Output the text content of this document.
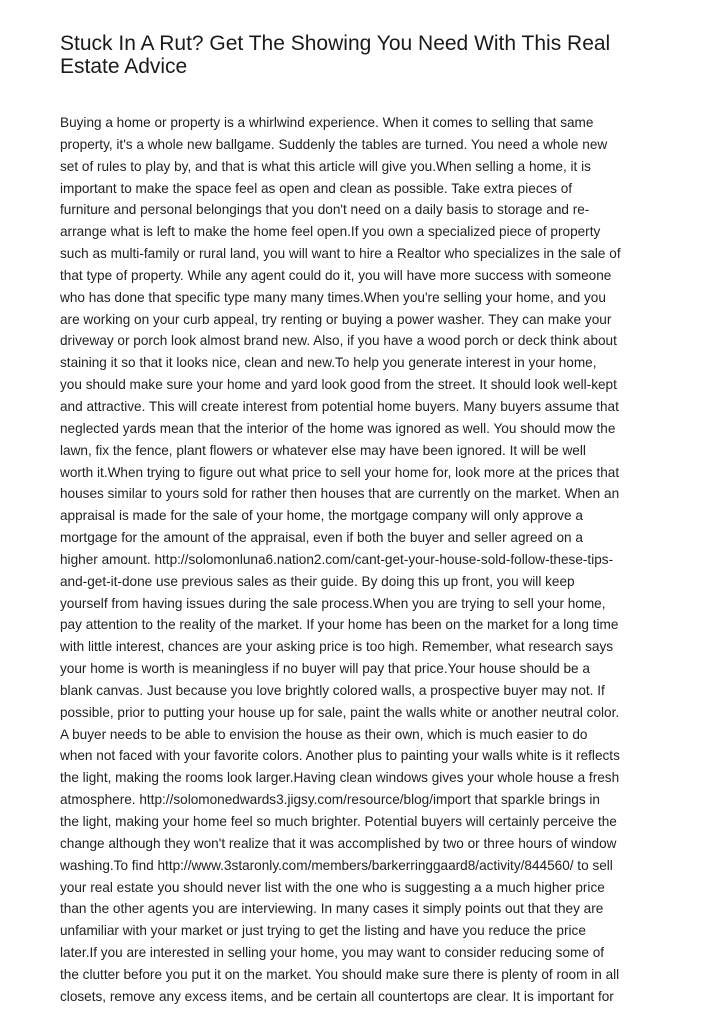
Stuck In A Rut? Get The Showing You Need With This Real
Estate Advice
Buying a home or property is a whirlwind experience. When it comes to selling that same
property, it's a whole new ballgame. Suddenly the tables are turned. You need a whole new
set of rules to play by, and that is what this article will give you.When selling a home, it is
important to make the space feel as open and clean as possible. Take extra pieces of
furniture and personal belongings that you don't need on a daily basis to storage and re-
arrange what is left to make the home feel open.If you own a specialized piece of property
such as multi-family or rural land, you will want to hire a Realtor who specializes in the sale of
that type of property. While any agent could do it, you will have more success with someone
who has done that specific type many many times.When you're selling your home, and you
are working on your curb appeal, try renting or buying a power washer. They can make your
driveway or porch look almost brand new. Also, if you have a wood porch or deck think about
staining it so that it looks nice, clean and new.To help you generate interest in your home,
you should make sure your home and yard look good from the street. It should look well-kept
and attractive. This will create interest from potential home buyers. Many buyers assume that
neglected yards mean that the interior of the home was ignored as well. You should mow the
lawn, fix the fence, plant flowers or whatever else may have been ignored. It will be well
worth it.When trying to figure out what price to sell your home for, look more at the prices that
houses similar to yours sold for rather then houses that are currently on the market. When an
appraisal is made for the sale of your home, the mortgage company will only approve a
mortgage for the amount of the appraisal, even if both the buyer and seller agreed on a
higher amount. http://solomonluna6.nation2.com/cant-get-your-house-sold-follow-these-tips-
and-get-it-done use previous sales as their guide. By doing this up front, you will keep
yourself from having issues during the sale process.When you are trying to sell your home,
pay attention to the reality of the market. If your home has been on the market for a long time
with little interest, chances are your asking price is too high. Remember, what research says
your home is worth is meaningless if no buyer will pay that price.Your house should be a
blank canvas. Just because you love brightly colored walls, a prospective buyer may not. If
possible, prior to putting your house up for sale, paint the walls white or another neutral color.
A buyer needs to be able to envision the house as their own, which is much easier to do
when not faced with your favorite colors. Another plus to painting your walls white is it reflects
the light, making the rooms look larger.Having clean windows gives your whole house a fresh
atmosphere. http://solomonedwards3.jigsy.com/resource/blog/import that sparkle brings in
the light, making your home feel so much brighter. Potential buyers will certainly perceive the
change although they won't realize that it was accomplished by two or three hours of window
washing.To find http://www.3staronly.com/members/barkerringgaard8/activity/844560/ to sell
your real estate you should never list with the one who is suggesting a a much higher price
than the other agents you are interviewing. In many cases it simply points out that they are
unfamiliar with your market or just trying to get the listing and have you reduce the price
later.If you are interested in selling your home, you may want to consider reducing some of
the clutter before you put it on the market. You should make sure there is plenty of room in all
closets, remove any excess items, and be certain all countertops are clear. It is important for
